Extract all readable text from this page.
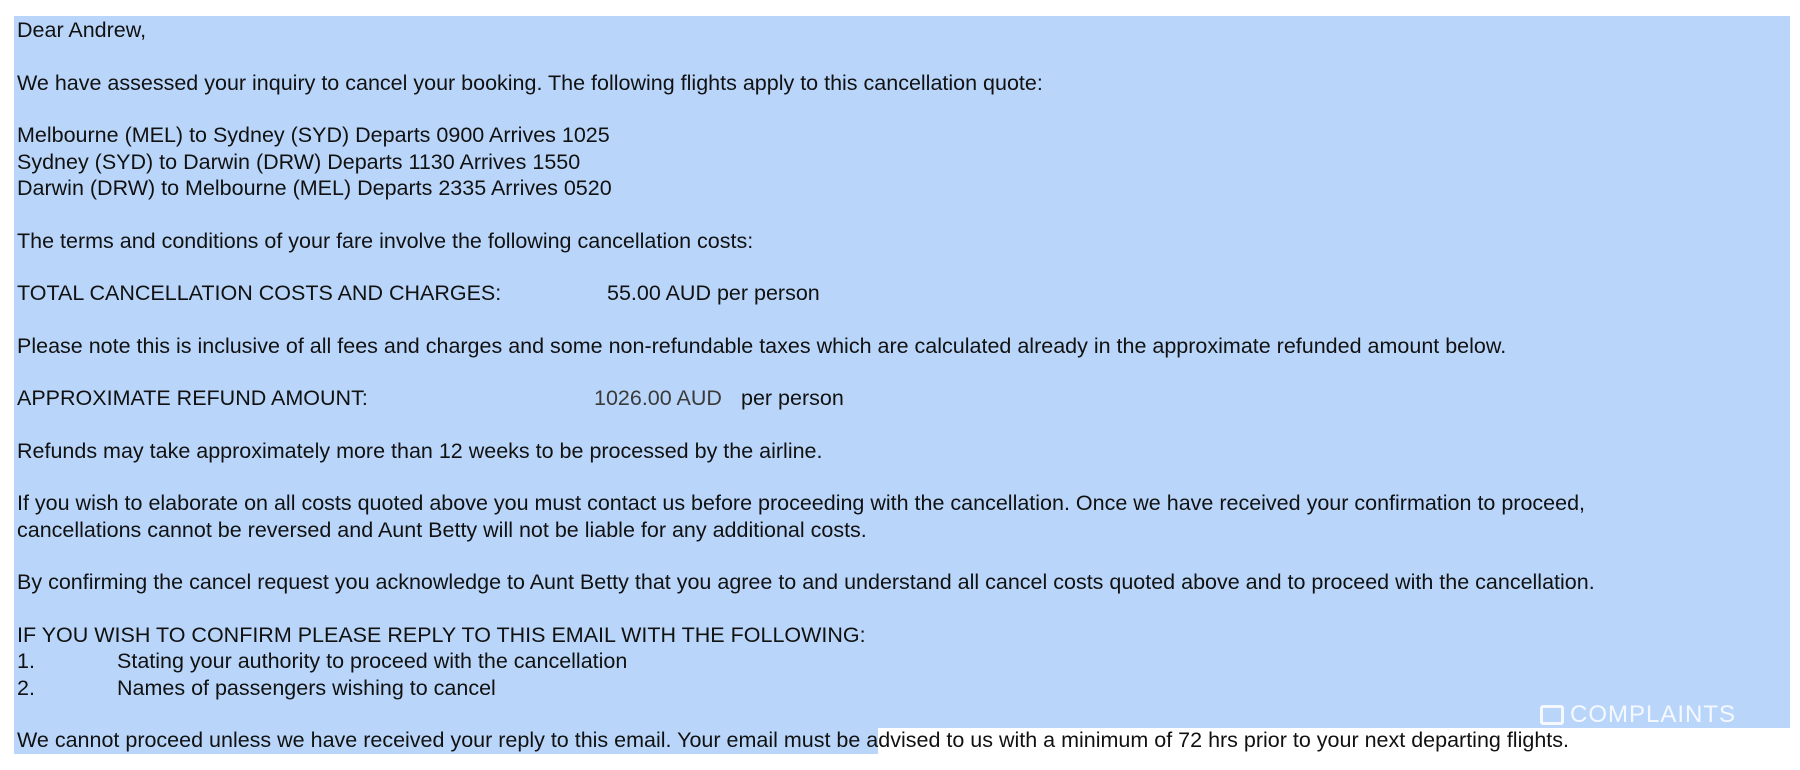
Dear Andrew,
We have assessed your inquiry to cancel your booking. The following flights apply to this cancellation quote:
Melbourne (MEL) to Sydney (SYD) Departs 0900 Arrives 1025
Sydney (SYD) to Darwin (DRW) Departs 1130 Arrives 1550
Darwin (DRW) to Melbourne (MEL) Departs 2335 Arrives 0520
The terms and conditions of your fare involve the following cancellation costs:
TOTAL CANCELLATION COSTS AND CHARGES:	55.00 AUD per person
Please note this is inclusive of all fees and charges and some non-refundable taxes which are calculated already in the approximate refunded amount below.
APPROXIMATE REFUND AMOUNT:	1026.00 AUD per person
Refunds may take approximately more than 12 weeks to be processed by the airline.
If you wish to elaborate on all costs quoted above you must contact us before proceeding with the cancellation. Once we have received your confirmation to proceed,
cancellations cannot be reversed and Aunt Betty will not be liable for any additional costs.
By confirming the cancel request you acknowledge to Aunt Betty that you agree to and understand all cancel costs quoted above and to proceed with the cancellation.
IF YOU WISH TO CONFIRM PLEASE REPLY TO THIS EMAIL WITH THE FOLLOWING:
1.	Stating your authority to proceed with the cancellation
2.	Names of passengers wishing to cancel
We cannot proceed unless we have received your reply to this email. Your email must be advised to us with a minimum of 72 hrs prior to your next departing flights.
COMPLAINTS
